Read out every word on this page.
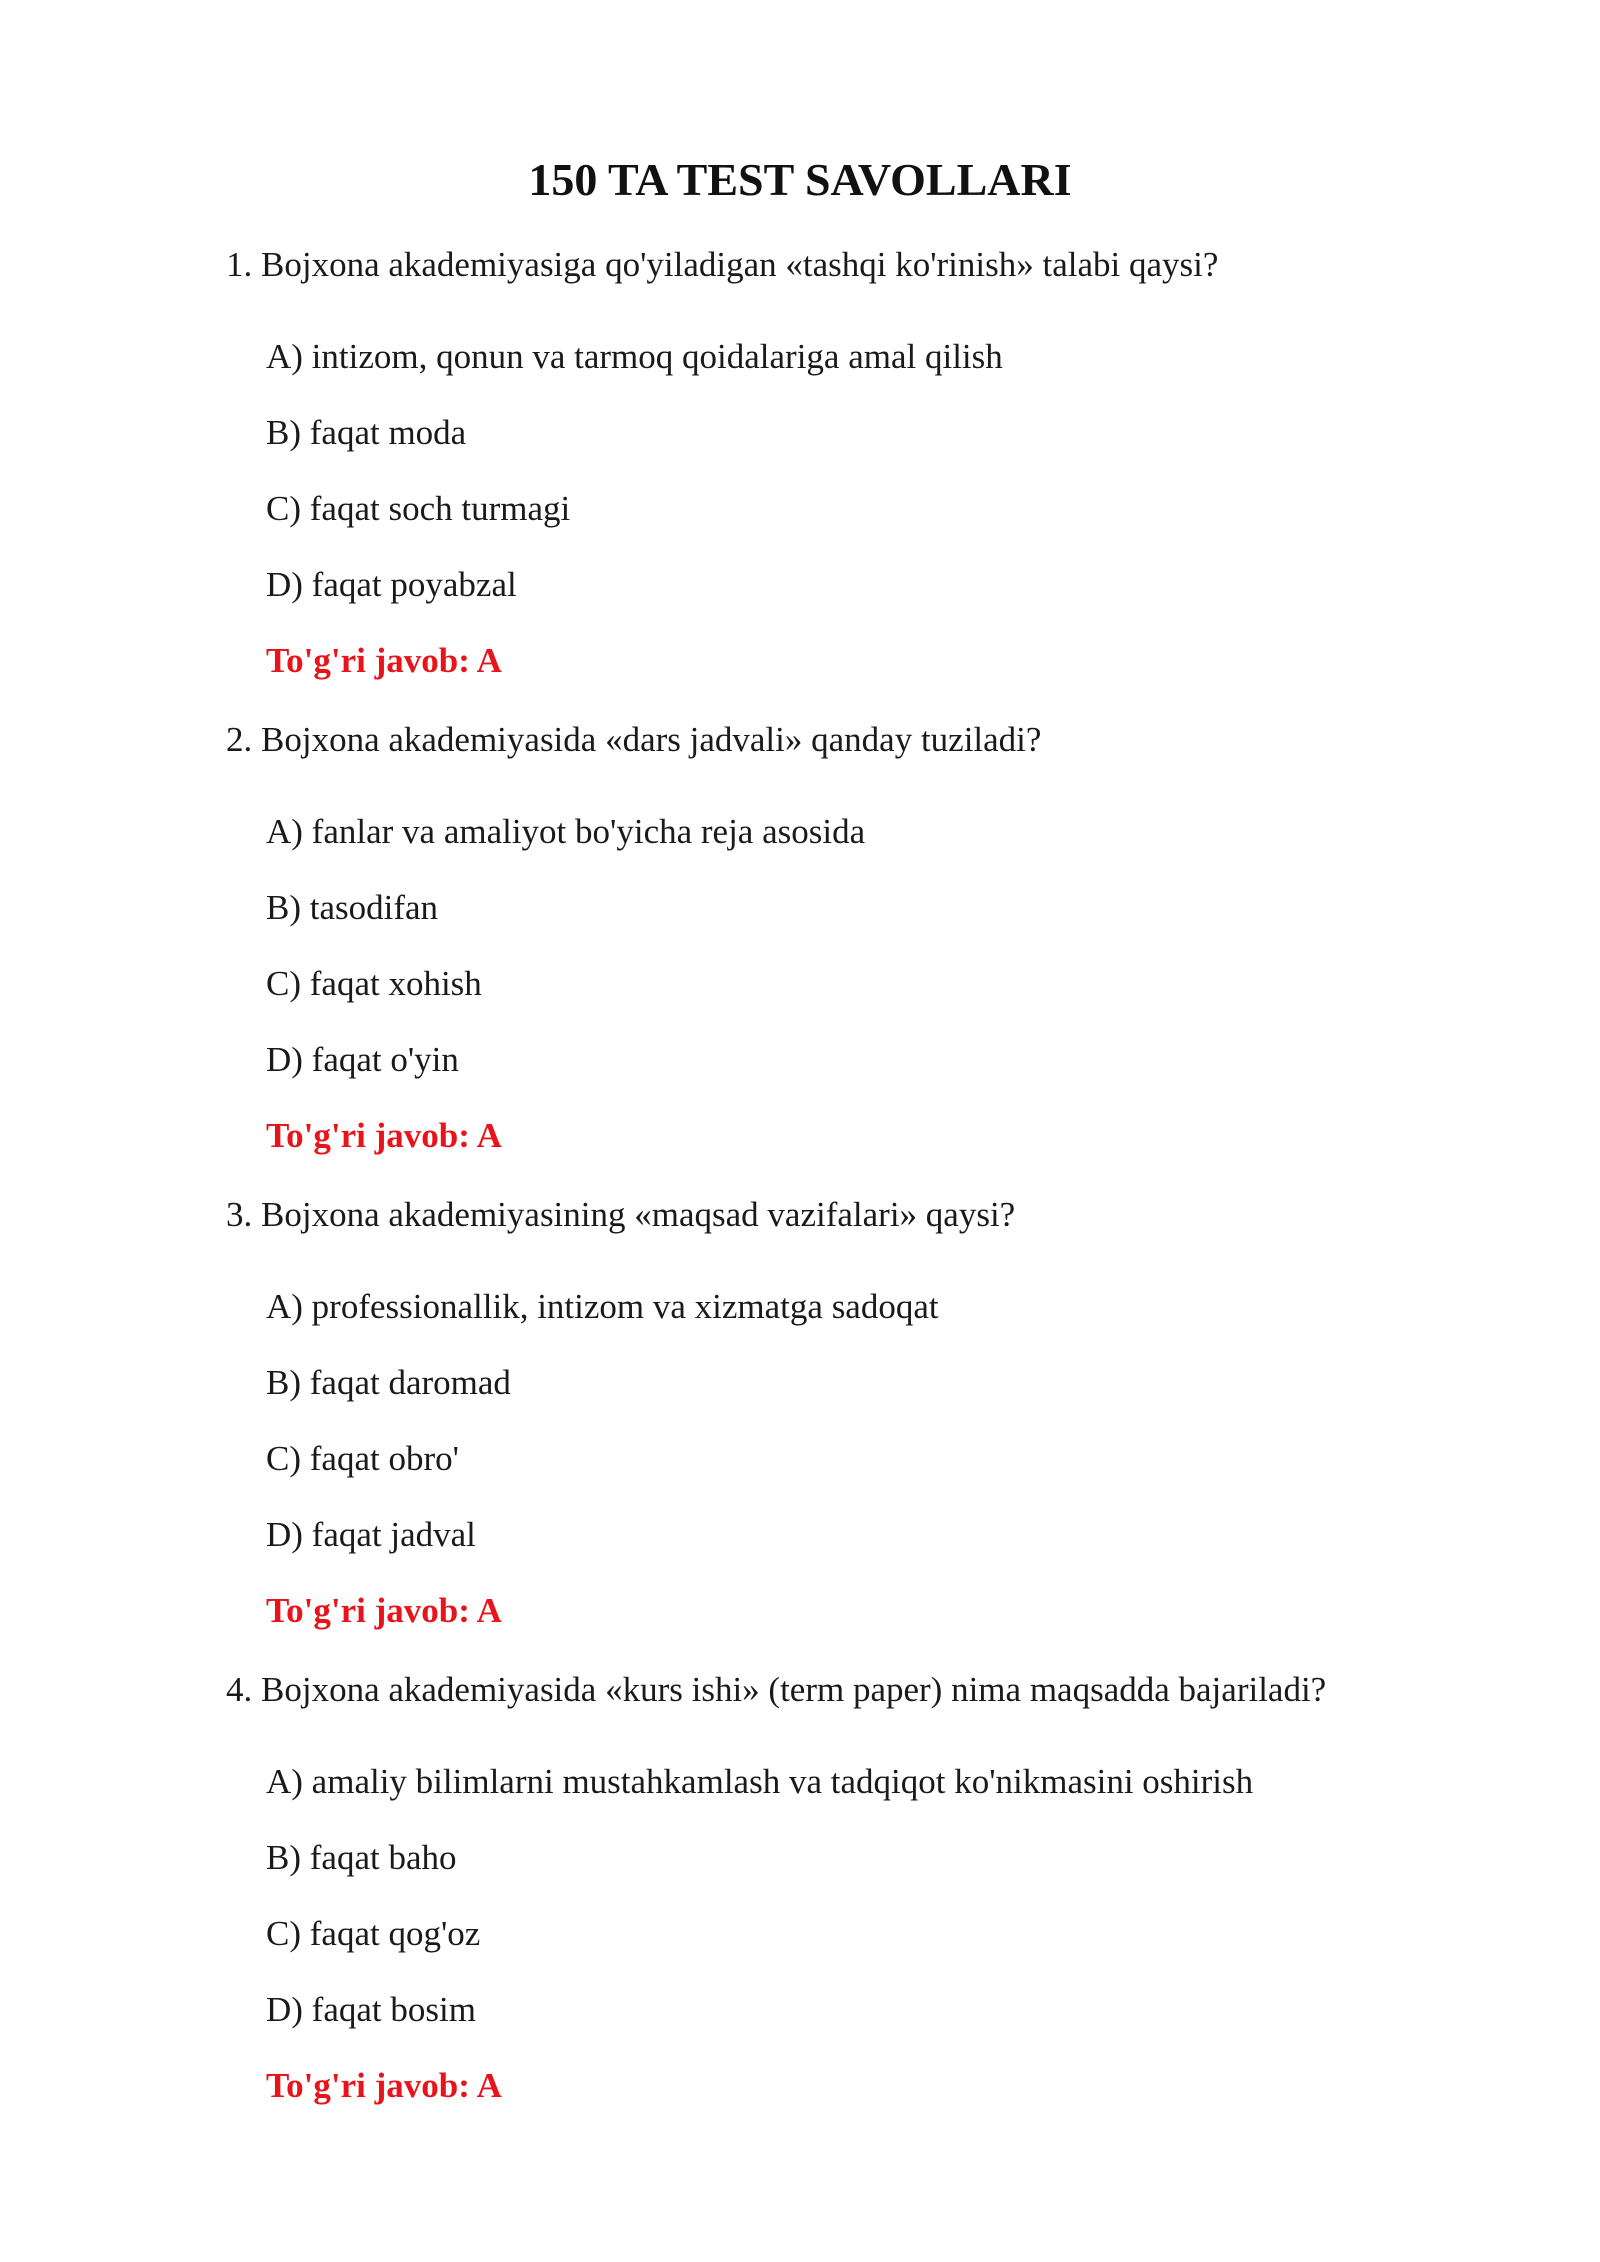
150 TA TEST SAVOLLARI
1. Bojxona akademiyasiga qo'yiladigan «tashqi ko'rinish» talabi qaysi?
A) intizom, qonun va tarmoq qoidalariga amal qilish
B) faqat moda
C) faqat soch turmagi
D) faqat poyabzal
To'g'ri javob: A
2. Bojxona akademiyasida «dars jadvali» qanday tuziladi?
A) fanlar va amaliyot bo'yicha reja asosida
B) tasodifan
C) faqat xohish
D) faqat o'yin
To'g'ri javob: A
3. Bojxona akademiyasining «maqsad vazifalari» qaysi?
A) professionallik, intizom va xizmatga sadoqat
B) faqat daromad
C) faqat obro'
D) faqat jadval
To'g'ri javob: A
4. Bojxona akademiyasida «kurs ishi» (term paper) nima maqsadda bajariladi?
A) amaliy bilimlarni mustahkamlash va tadqiqot ko'nikmasini oshirish
B) faqat baho
C) faqat qog'oz
D) faqat bosim
To'g'ri javob: A
